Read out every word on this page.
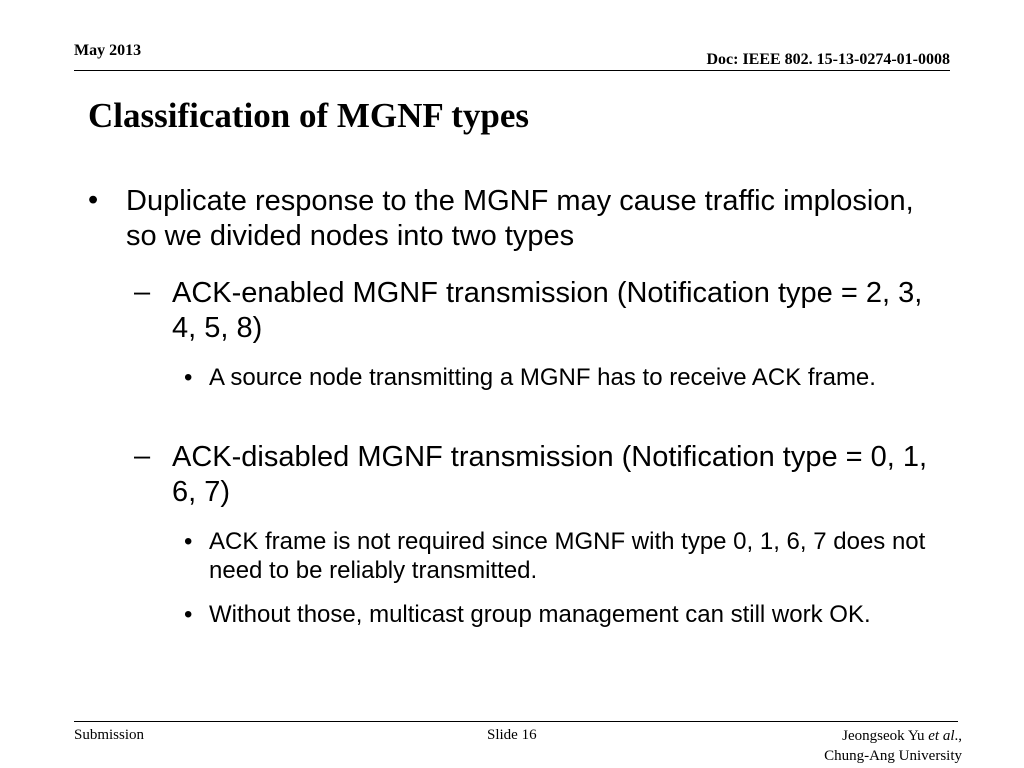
May 2013
Doc: IEEE 802. 15-13-0274-01-0008
Classification of MGNF types
• Duplicate response to the MGNF may cause traffic implosion, so we divided nodes into two types

– ACK-enabled MGNF transmission (Notification type = 2, 3, 4, 5, 8)

• A source node transmitting a MGNF has to receive ACK frame.

– ACK-disabled MGNF transmission (Notification type = 0, 1, 6, 7)

• ACK frame is not required since MGNF with type 0, 1, 6, 7 does not need to be reliably transmitted.

• Without those, multicast group management can still work OK.

Submission	Slide 16	Jeongseok Yu et al.,
Chung-Ang University
